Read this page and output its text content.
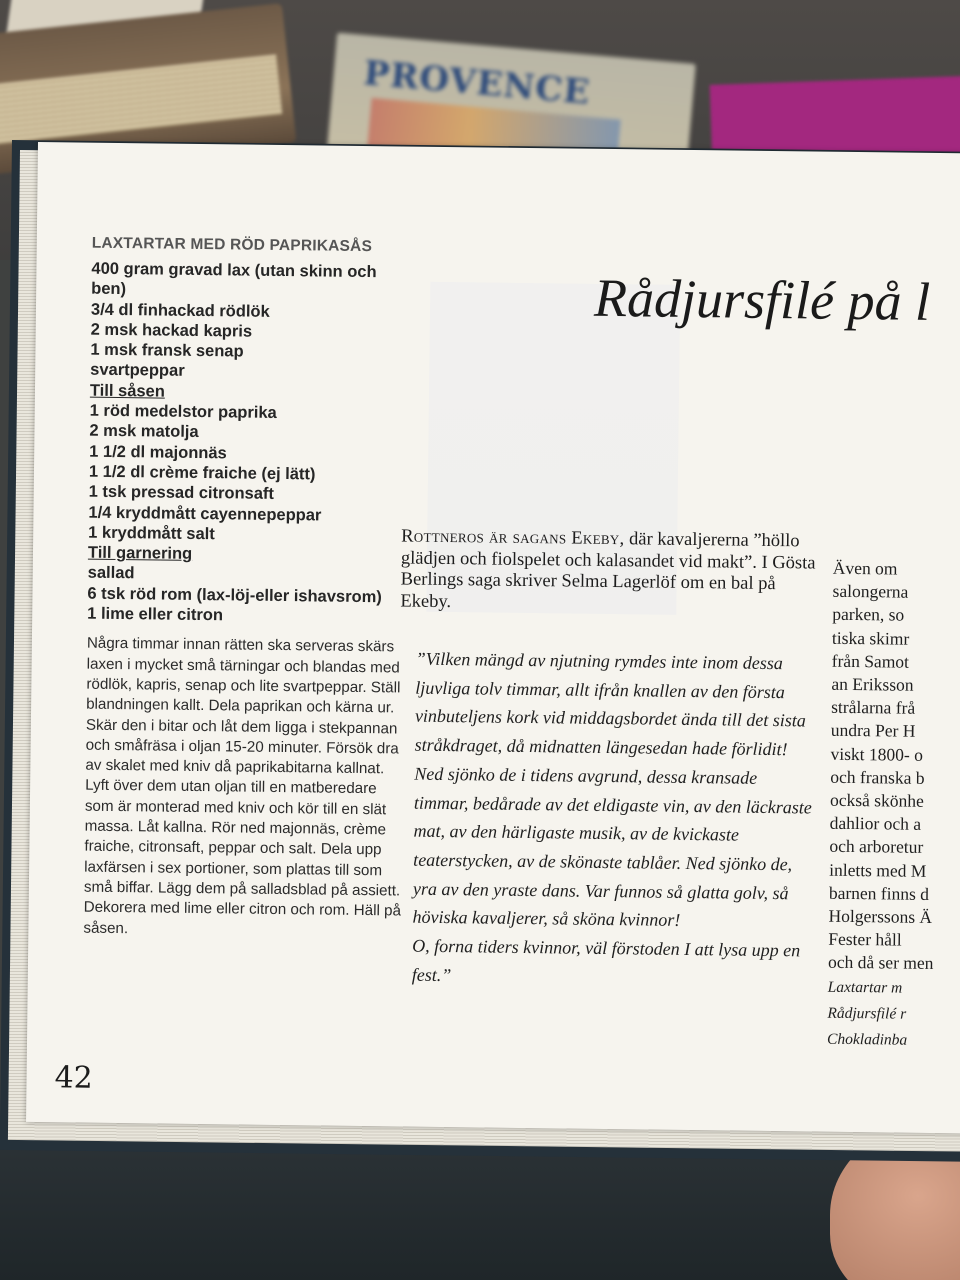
PROVENCE
LAXTARTAR MED RÖD PAPRIKASÅS
400 gram gravad lax (utan skinn och ben)
3/4 dl finhackad rödlök
2 msk hackad kapris
1 msk fransk senap
svartpeppar
Till såsen
1 röd medelstor paprika
2 msk matolja
1 1/2 dl majonnäs
1 1/2 dl crème fraiche (ej lätt)
1 tsk pressad citronsaft
1/4 kryddmått cayennepeppar
1 kryddmått salt
Till garnering
sallad
6 tsk röd rom (lax-löj-eller ishavsrom)
1 lime eller citron

Några timmar innan rätten ska serveras skärs laxen i mycket små tärningar och blandas med rödlök, kapris, senap och lite svartpeppar. Ställ blandningen kallt. Dela paprikan och kärna ur. Skär den i bitar och låt dem ligga i stekpannan och småfräsa i oljan 15-20 minuter. Försök dra av skalet med kniv då paprikabitarna kallnat. Lyft över dem utan oljan till en matberedare som är monterad med kniv och kör till en slät massa. Låt kallna. Rör ned majonnäs, crème fraiche, citronsaft, peppar och salt. Dela upp laxfärsen i sex portioner, som plattas till som små biffar. Lägg dem på salladsblad på assiett. Dekorera med lime eller citron och rom. Häll på såsen.

42
Rådjursfilé på l

Rottneros är sagans Ekeby, där kavaljererna ”höllo glädjen och fiolspelet och kalasandet vid makt”. I Gösta Berlings saga skriver Selma Lagerlöf om en bal på Ekeby.

”Vilken mängd av njutning rymdes inte inom dessa ljuvliga tolv timmar, allt ifrån knallen av den första vinbuteljens kork vid middagsbordet ända till det sista stråkdraget, då midnatten längesedan hade förlidit! Ned sjönko de i tidens avgrund, dessa kransade timmar, bedårade av det eldigaste vin, av den läckraste mat, av den härligaste musik, av de kvickaste teaterstycken, av de skönaste tablåer. Ned sjönko de, yra av den yraste dans. Var funnos så glatta golv, så höviska kavaljerer, så sköna kvinnor!

O, forna tiders kvinnor, väl förstoden I att lysa upp en fest.”

Även om
salongerna
parken, so
tiska skimr
från Samot
an Eriksson
strålarna frå
undra Per H
viskt 1800- o
och franska b
också skönhe
dahlior och a
och arboretur
inletts med M
barnen finns d
Holgerssons Ä
Fester håll
och då ser men
Laxtartar m
Rådjursfilé r
Chokladinba
